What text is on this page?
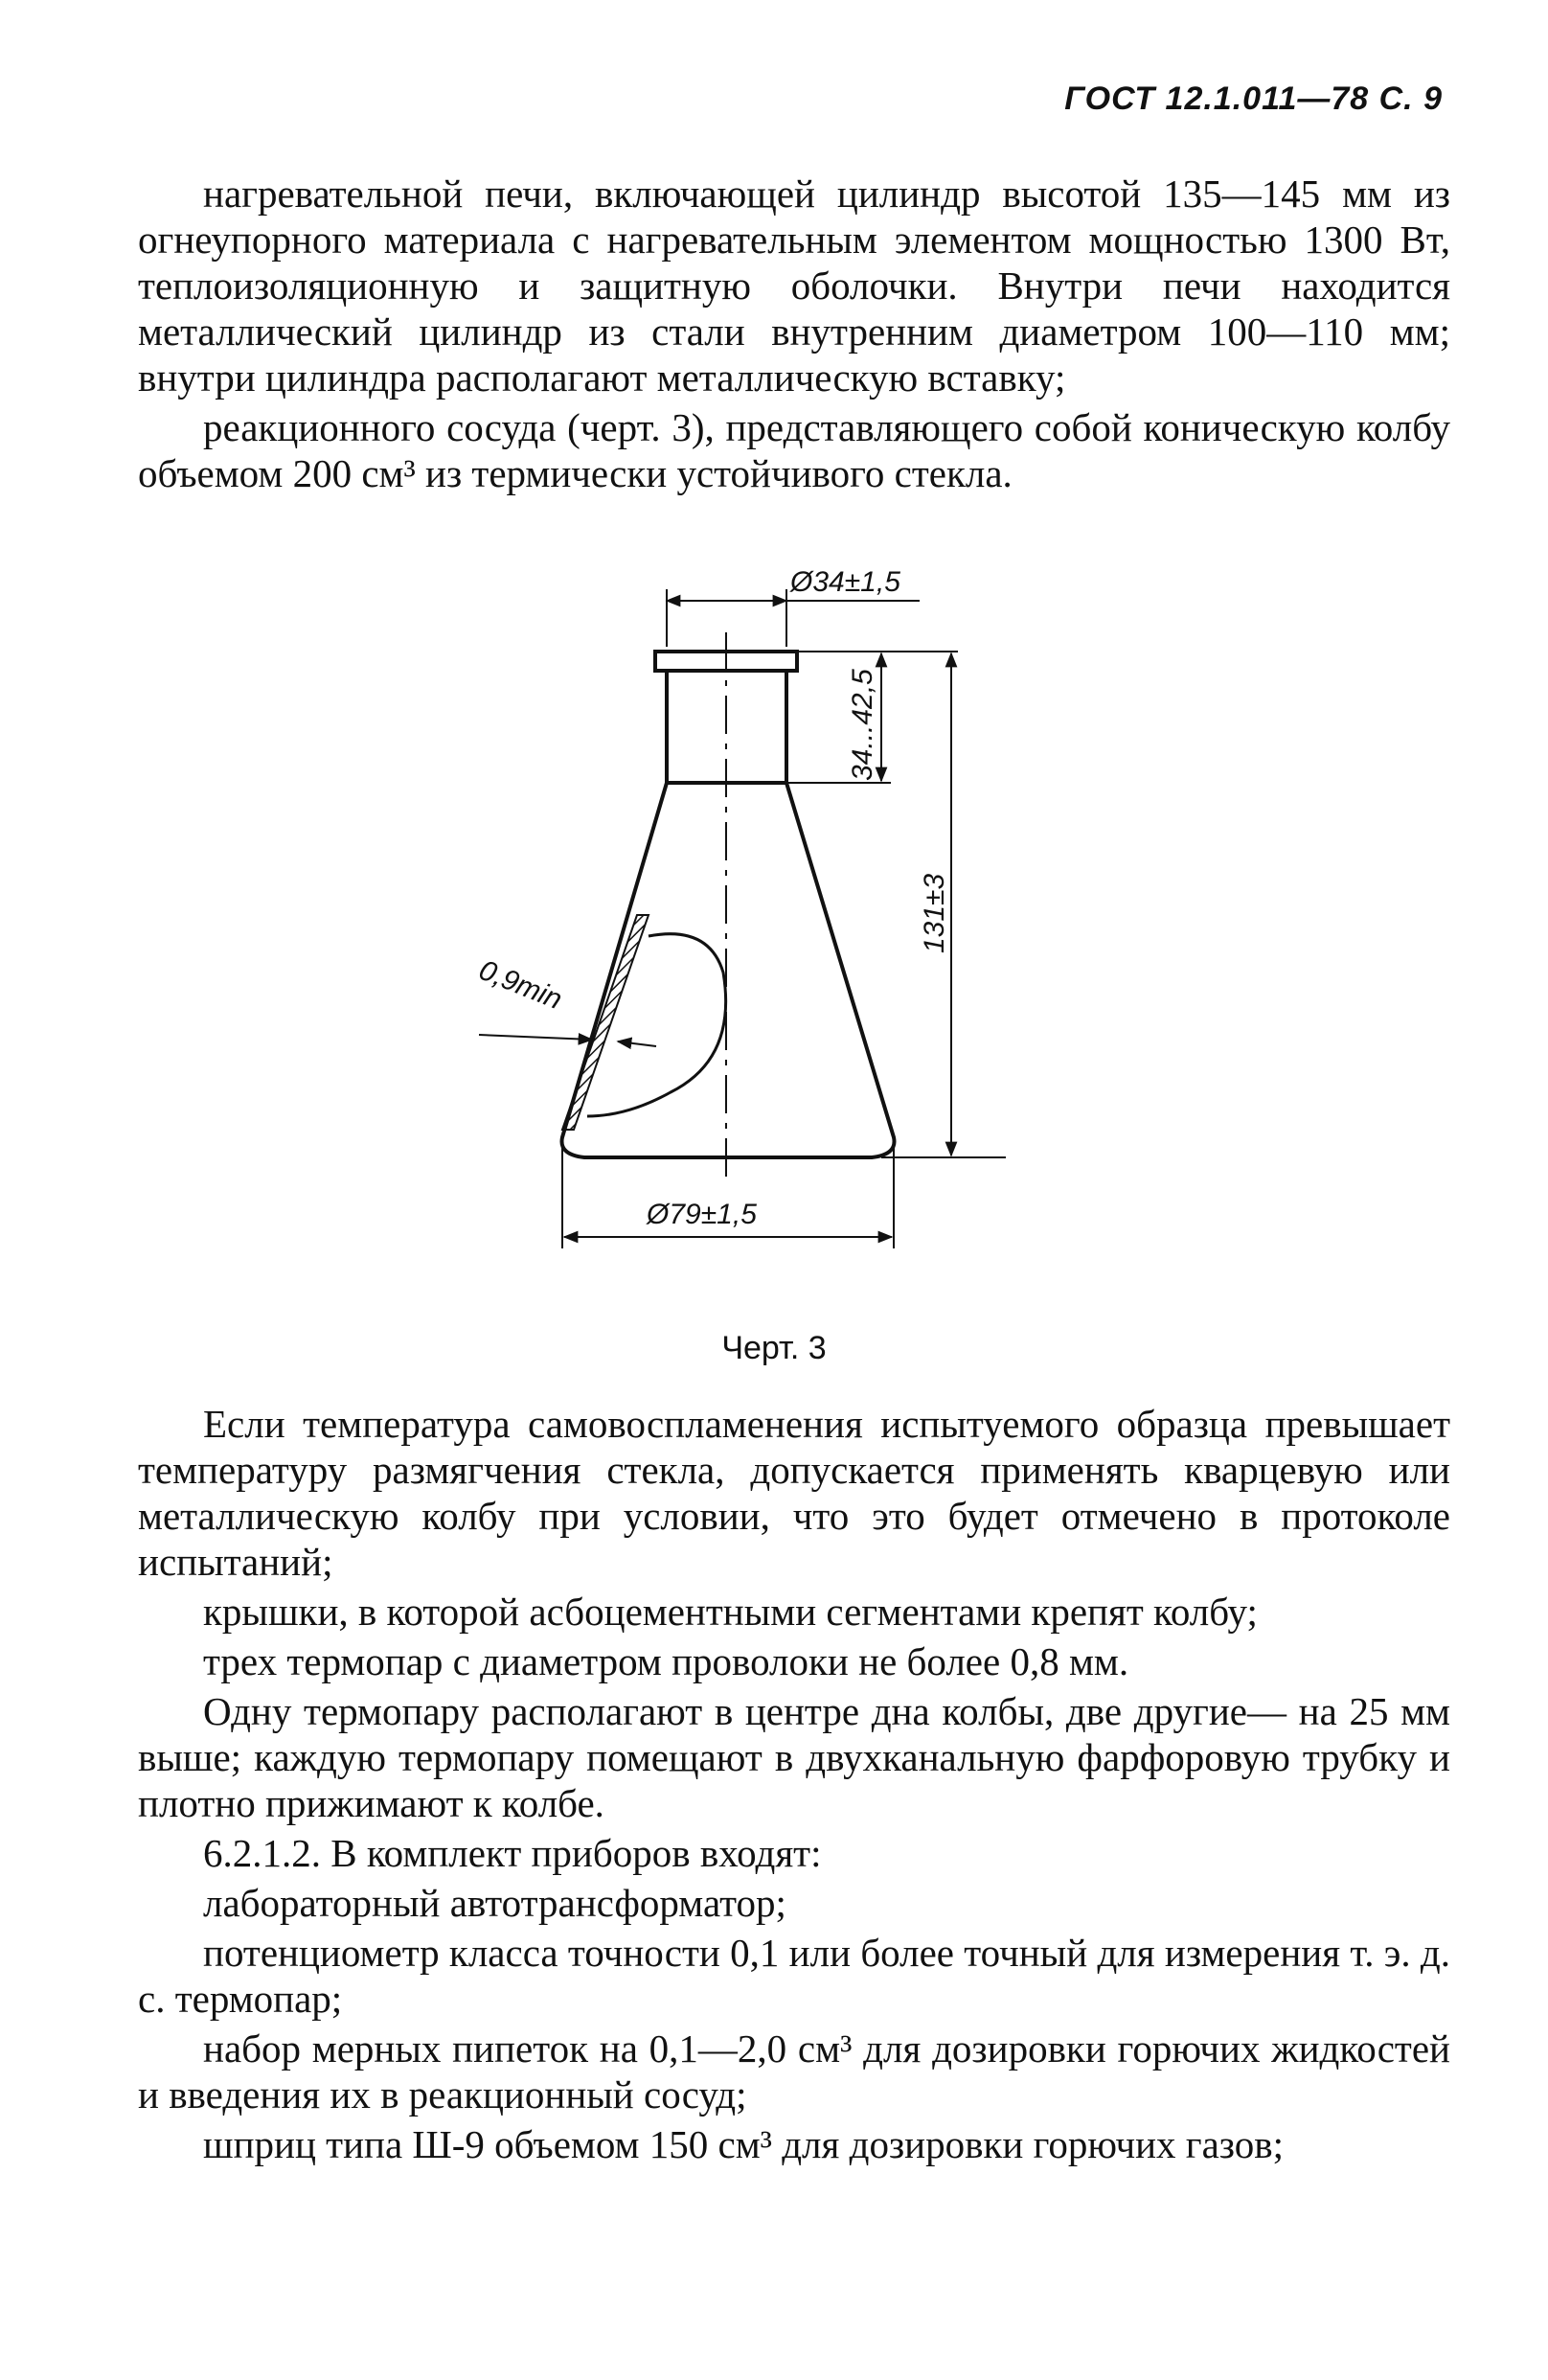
ГОСТ 12.1.011—78 С. 9

нагревательной печи, включающей цилиндр высотой 135—145 мм из огнеупорного материала с нагревательным элементом мощностью 1300 Вт, теплоизоляционную и защитную оболочки. Внутри печи находится металлический цилиндр из стали внутренним диаметром 100—110 мм; внутри цилиндра располагают металлическую вставку;

реакционного сосуда (черт. 3), представляющего собой коническую колбу объемом 200 см³ из термически устойчивого стекла.

Ø34±1,5
34...42,5
131±3
0,9min
Ø79±1,5
Черт. 3

Если температура самовоспламенения испытуемого образца превышает температуру размягчения стекла, допускается применять кварцевую или металлическую колбу при условии, что это будет отмечено в протоколе испытаний;

крышки, в которой асбоцементными сегментами крепят колбу;

трех термопар с диаметром проволоки не более 0,8 мм.

Одну термопару располагают в центре дна колбы, две другие— на 25 мм выше; каждую термопару помещают в двухканальную фарфоровую трубку и плотно прижимают к колбе.

6.2.1.2. В комплект приборов входят:

лабораторный автотрансформатор;

потенциометр класса точности 0,1 или более точный для измерения т. э. д. с. термопар;

набор мерных пипеток на 0,1—2,0 см³ для дозировки горючих жидкостей и введения их в реакционный сосуд;

шприц типа Ш-9 объемом 150 см³ для дозировки горючих газов;
